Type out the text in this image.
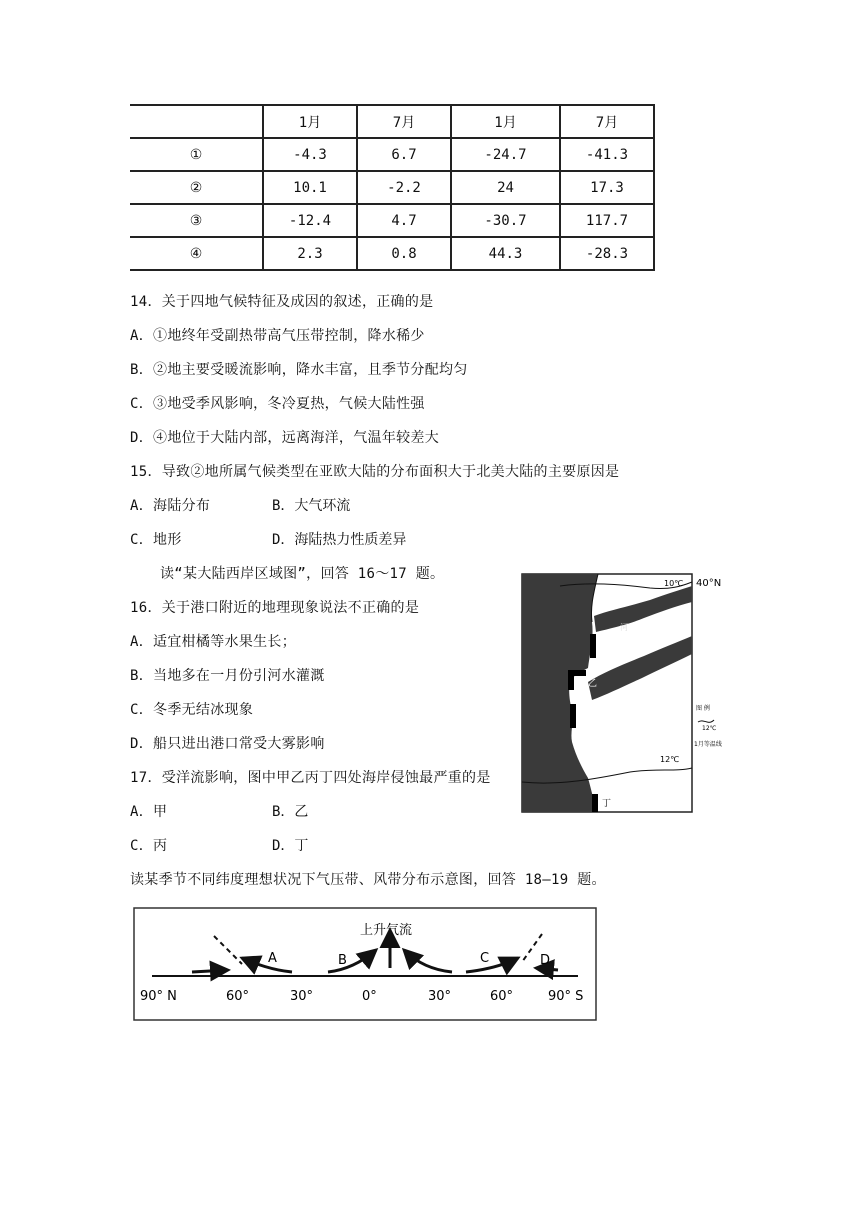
	1月	7月	1月	7月
①	-4.3	6.7	-24.7	-41.3
②	10.1	-2.2	24	17.3
③	-12.4	4.7	-30.7	117.7
④	2.3	0.8	44.3	-28.3
14．关于四地气候特征及成因的叙述，正确的是
A．①地终年受副热带高气压带控制，降水稀少
B．②地主要受暖流影响，降水丰富，且季节分配均匀
C．③地受季风影响，冬冷夏热，气候大陆性强
D．④地位于大陆内部，远离海洋，气温年较差大
15．导致②地所属气候类型在亚欧大陆的分布面积大于北美大陆的主要原因是
A．海陆分布	B．大气环流
C．地形	D．海陆热力性质差异
读“某大陆西岸区域图”，回答 16～17 题。
16．关于港口附近的地理现象说法不正确的是
A．适宜柑橘等水果生长；
B．当地多在一月份引河水灌溉
C．冬季无结冰现象
D．船只进出港口常受大雾影响
17．受洋流影响，图中甲乙丙丁四处海岸侵蚀最严重的是
A．甲	B．乙
C．丙	D．丁
读某季节不同纬度理想状况下气压带、风带分布示意图，回答 18—19 题。
10℃ 40°N
甲
乙
丙
丁
河
12℃
图 例
12℃
1月等温线
上升气流
A	B	C	D
90° N	60°	30°	0°	30°	60°	90° S
